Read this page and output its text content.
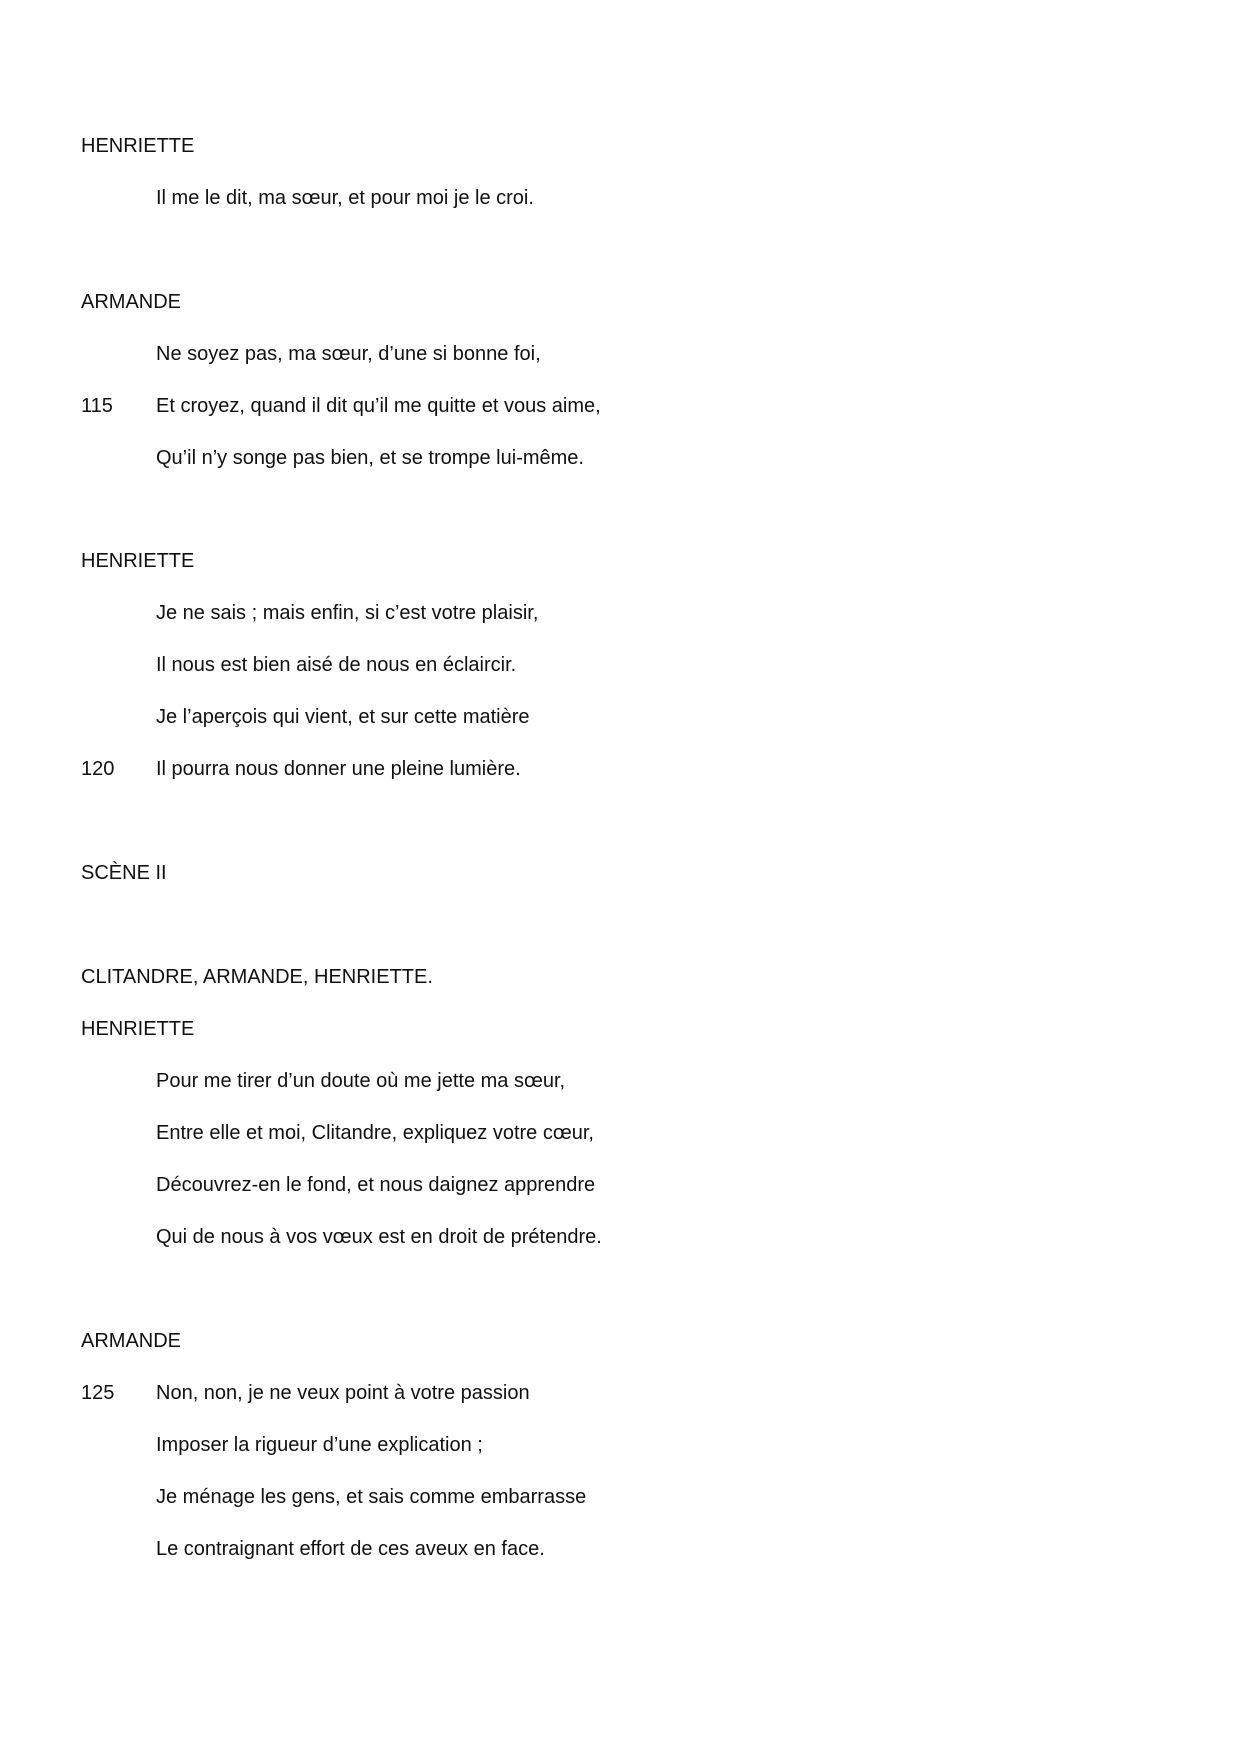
HENRIETTE
Il me le dit, ma sœur, et pour moi je le croi.
ARMANDE
Ne soyez pas, ma sœur, d’une si bonne foi,
115 Et croyez, quand il dit qu’il me quitte et vous aime,
Qu’il n’y songe pas bien, et se trompe lui-même.
HENRIETTE
Je ne sais ; mais enfin, si c’est votre plaisir,
Il nous est bien aisé de nous en éclaircir.
Je l’aperçois qui vient, et sur cette matière
120 Il pourra nous donner une pleine lumière.
SCÈNE II
CLITANDRE, ARMANDE, HENRIETTE.
HENRIETTE
Pour me tirer d’un doute où me jette ma sœur,
Entre elle et moi, Clitandre, expliquez votre cœur,
Découvrez-en le fond, et nous daignez apprendre
Qui de nous à vos vœux est en droit de prétendre.
ARMANDE
125 Non, non, je ne veux point à votre passion
Imposer la rigueur d’une explication ;
Je ménage les gens, et sais comme embarrasse
Le contraignant effort de ces aveux en face.
